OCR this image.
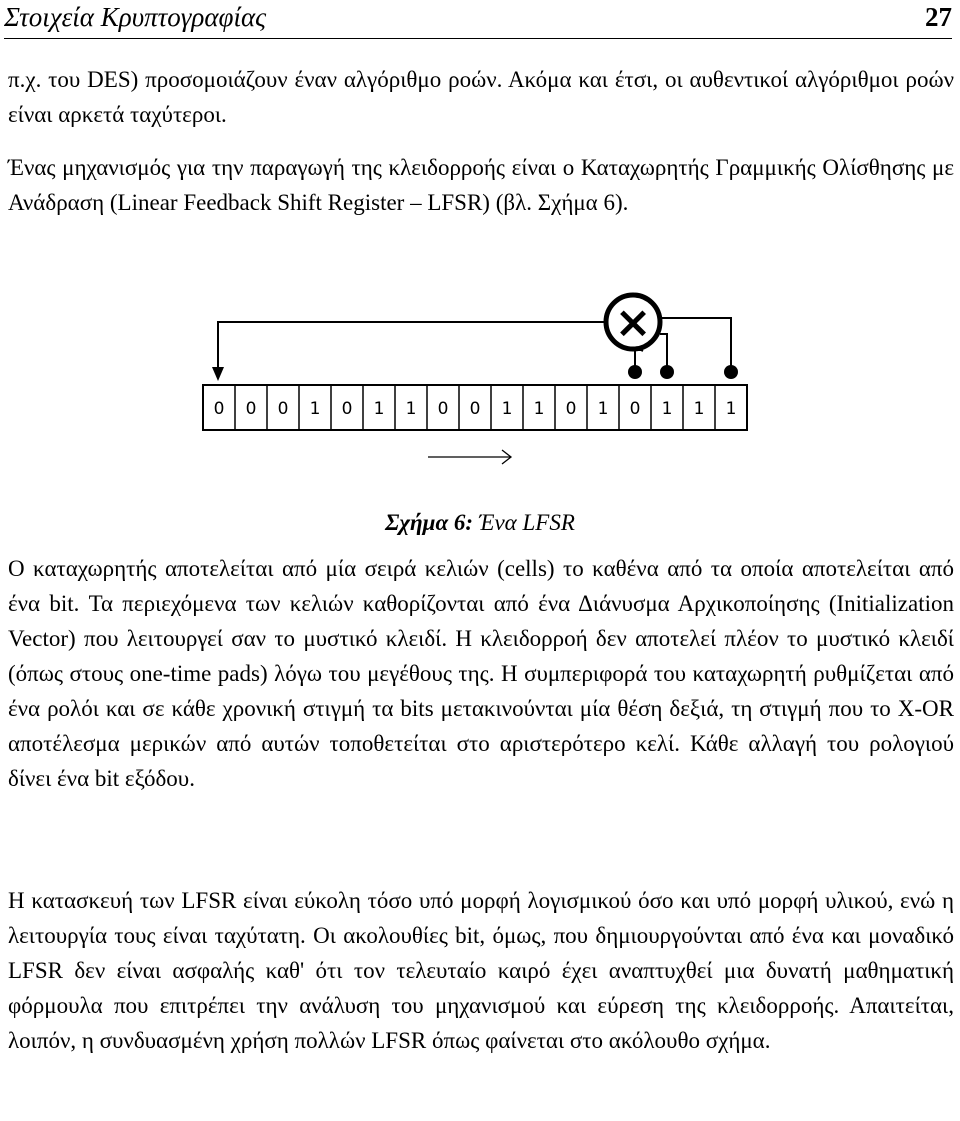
Στοιχεία Κρυπτογραφίας	27

π.χ. του DES) προσομοιάζουν έναν αλγόριθμο ροών. Ακόμα και έτσι, οι αυθεντικοί αλγόριθμοι ροών είναι αρκετά ταχύτεροι.

Ένας μηχανισμός για την παραγωγή της κλειδορροής είναι ο Καταχωρητής Γραμμικής Ολίσθησης με Ανάδραση (Linear Feedback Shift Register – LFSR) (βλ. Σχήμα 6).

0 0 0 1 0 1 1 0 0 1 1 0 1 0 1 1 1
×
Σχήμα 6: Ένα LFSR

Ο καταχωρητής αποτελείται από μία σειρά κελιών (cells) το καθένα από τα οποία αποτελείται από ένα bit. Τα περιεχόμενα των κελιών καθορίζονται από ένα Διάνυσμα Αρχικοποίησης (Initialization Vector) που λειτουργεί σαν το μυστικό κλειδί. Η κλειδορροή δεν αποτελεί πλέον το μυστικό κλειδί (όπως στους one-time pads) λόγω του μεγέθους της. Η συμπεριφορά του καταχωρητή ρυθμίζεται από ένα ρολόι και σε κάθε χρονική στιγμή τα bits μετακινούνται μία θέση δεξιά, τη στιγμή που το X-OR αποτέλεσμα μερικών από αυτών τοποθετείται στο αριστερότερο κελί. Κάθε αλλαγή του ρολογιού δίνει ένα bit εξόδου.

Η κατασκευή των LFSR είναι εύκολη τόσο υπό μορφή λογισμικού όσο και υπό μορφή υλικού, ενώ η λειτουργία τους είναι ταχύτατη. Οι ακολουθίες bit, όμως, που δημιουργούνται από ένα και μοναδικό LFSR δεν είναι ασφαλής καθ' ότι τον τελευταίο καιρό έχει αναπτυχθεί μια δυνατή μαθηματική φόρμουλα που επιτρέπει την ανάλυση του μηχανισμού και εύρεση της κλειδορροής. Απαιτείται, λοιπόν, η συνδυασμένη χρήση πολλών LFSR όπως φαίνεται στο ακόλουθο σχήμα.
